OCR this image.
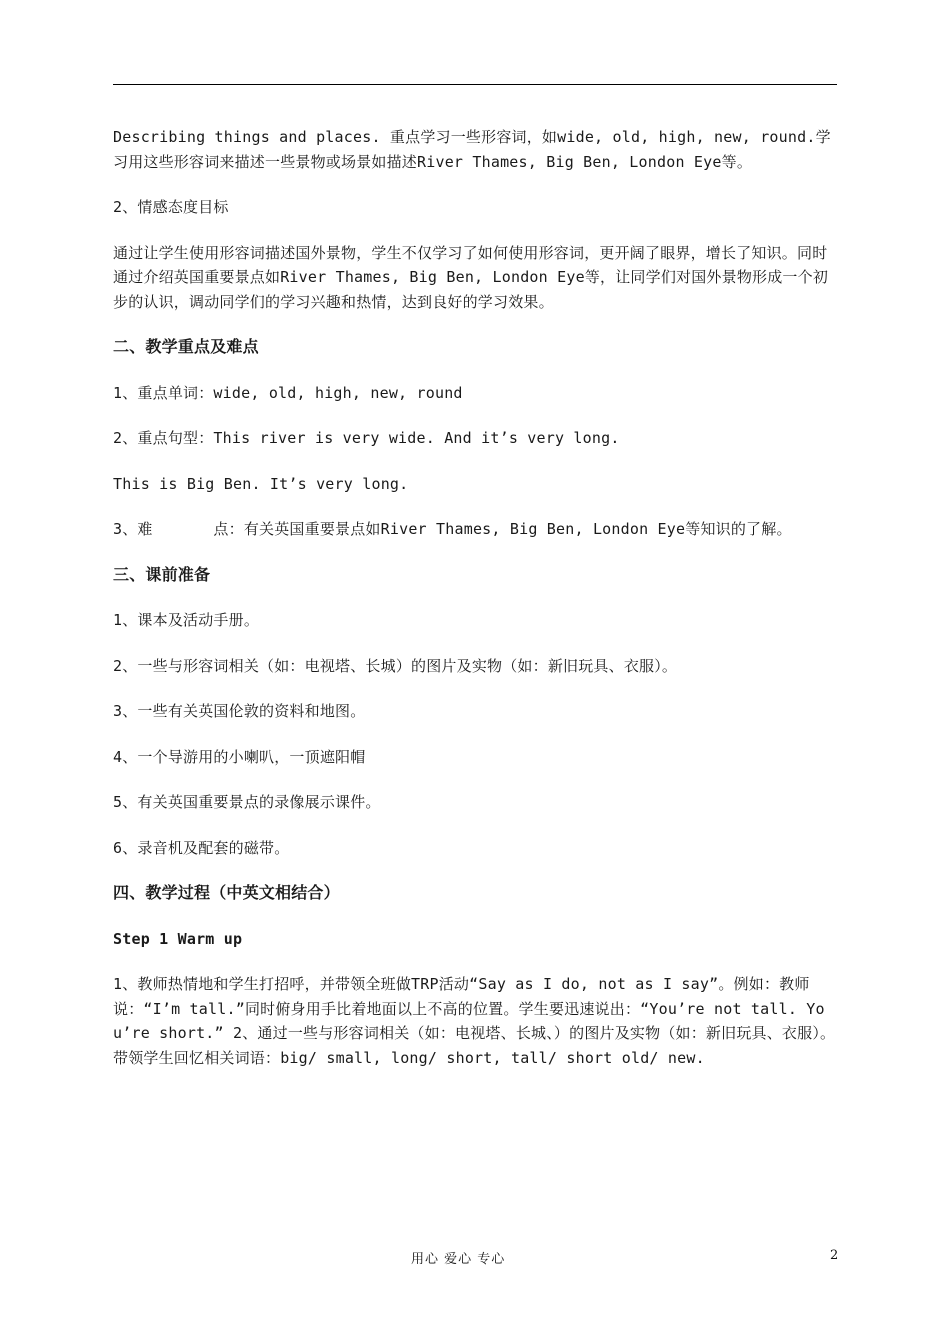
Describing things and places. 重点学习一些形容词，如wide, old, high, new, round.学习用这些形容词来描述一些景物或场景如描述River Thames, Big Ben, London Eye等。

2、情感态度目标

通过让学生使用形容词描述国外景物，学生不仅学习了如何使用形容词，更开阔了眼界，增长了知识。同时通过介绍英国重要景点如River Thames, Big Ben, London Eye等，让同学们对国外景物形成一个初步的认识，调动同学们的学习兴趣和热情，达到良好的学习效果。

二、教学重点及难点

1、重点单词：wide, old, high, new, round

2、重点句型：This river is very wide. And it’s very long.

This is Big Ben. It’s very long.

3、难　　　　点：有关英国重要景点如River Thames, Big Ben, London Eye等知识的了解。

三、课前准备

1、课本及活动手册。

2、一些与形容词相关（如：电视塔、长城）的图片及实物（如：新旧玩具、衣服）。

3、一些有关英国伦敦的资料和地图。

4、一个导游用的小喇叭，一顶遮阳帽

5、有关英国重要景点的录像展示课件。

6、录音机及配套的磁带。

四、教学过程（中英文相结合）

Step 1 Warm up

1、教师热情地和学生打招呼，并带领全班做TRP活动“Say as I do, not as I say”。例如：教师说：“I’m tall.”同时俯身用手比着地面以上不高的位置。学生要迅速说出：“You’re not tall. You’re short.” 2、通过一些与形容词相关（如：电视塔、长城、）的图片及实物（如：新旧玩具、衣服）。带领学生回忆相关词语：big/ small, long/ short, tall/ short old/ new.

用心 爱心 专心	2
